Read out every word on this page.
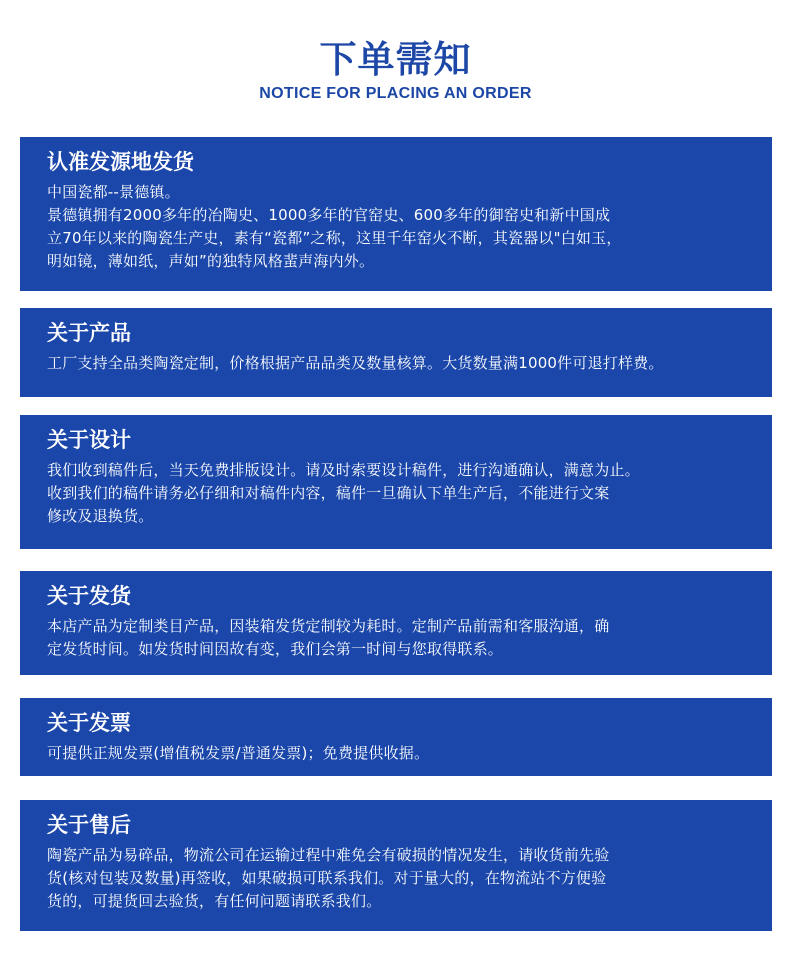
下单需知
NOTICE FOR PLACING AN ORDER
认准发源地发货
中国瓷都--景德镇。
景德镇拥有2000多年的冶陶史、1000多年的官窑史、600多年的御窑史和新中国成
立70年以来的陶瓷生产史，素有“瓷都”之称，这里千年窑火不断，其瓷器以"白如玉，
明如镜，薄如纸，声如”的独特风格蜚声海内外。
关于产品
工厂支持全品类陶瓷定制，价格根据产品品类及数量核算。大货数量满1000件可退打样费。
关于设计
我们收到稿件后，当天免费排版设计。请及时索要设计稿件，进行沟通确认，满意为止。
收到我们的稿件请务必仔细和对稿件内容，稿件一旦确认下单生产后，不能进行文案
修改及退换货。
关于发货
本店产品为定制类目产品，因装箱发货定制较为耗时。定制产品前需和客服沟通，确
定发货时间。如发货时间因故有变，我们会第一时间与您取得联系。
关于发票
可提供正规发票(增值税发票/普通发票)；免费提供收据。
关于售后
陶瓷产品为易碎品，物流公司在运输过程中难免会有破损的情况发生，请收货前先验
货(核对包装及数量)再签收，如果破损可联系我们。对于量大的，在物流站不方便验
货的，可提货回去验货，有任何问题请联系我们。
